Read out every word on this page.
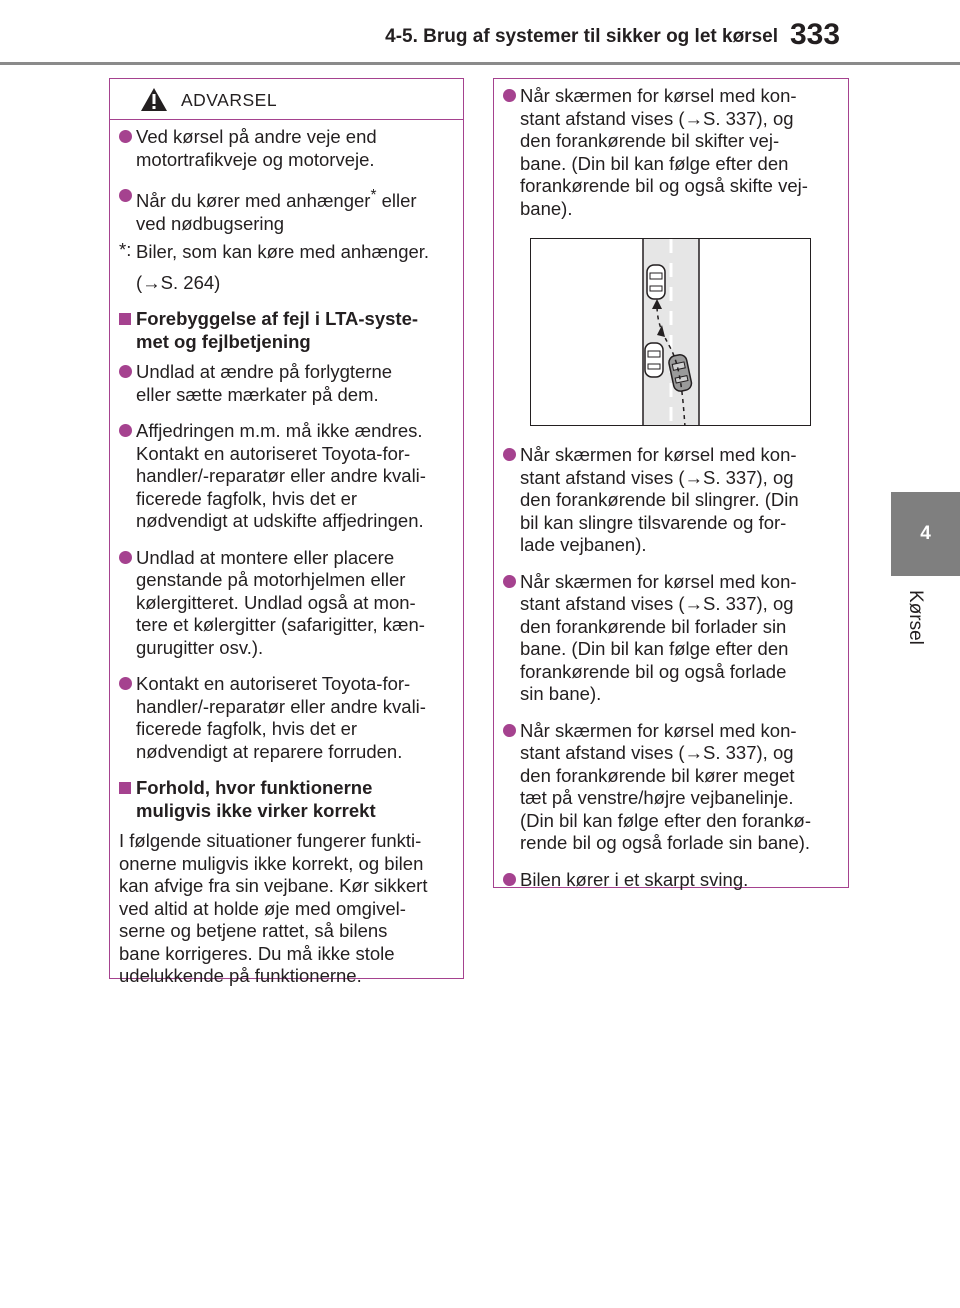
4-5. Brug af systemer til sikker og let kørsel 333
4
Kørsel
ADVARSEL
Ved kørsel på andre veje end
motortrafikveje og motorveje.
Når du kører med anhænger* eller
ved nødbugsering
*: Biler, som kan køre med anhænger.
(→S. 264)
Forebyggelse af fejl i LTA-syste-
met og fejlbetjening
Undlad at ændre på forlygterne
eller sætte mærkater på dem.
Affjedringen m.m. må ikke ændres.
Kontakt en autoriseret Toyota-for-
handler/-reparatør eller andre kvali-
ficerede fagfolk, hvis det er
nødvendigt at udskifte affjedringen.
Undlad at montere eller placere
genstande på motorhjelmen eller
kølergitteret. Undlad også at mon-
tere et kølergitter (safarigitter, kæn-
gurugitter osv.).
Kontakt en autoriseret Toyota-for-
handler/-reparatør eller andre kvali-
ficerede fagfolk, hvis det er
nødvendigt at reparere forruden.
Forhold, hvor funktionerne
muligvis ikke virker korrekt
I følgende situationer fungerer funkti-
onerne muligvis ikke korrekt, og bilen
kan afvige fra sin vejbane. Kør sikkert
ved altid at holde øje med omgivel-
serne og betjene rattet, så bilens
bane korrigeres. Du må ikke stole
udelukkende på funktionerne.
Når skærmen for kørsel med kon-
stant afstand vises (→S. 337), og
den forankørende bil skifter vej-
bane. (Din bil kan følge efter den
forankørende bil og også skifte vej-
bane).
Når skærmen for kørsel med kon-
stant afstand vises (→S. 337), og
den forankørende bil slingrer. (Din
bil kan slingre tilsvarende og for-
lade vejbanen).
Når skærmen for kørsel med kon-
stant afstand vises (→S. 337), og
den forankørende bil forlader sin
bane. (Din bil kan følge efter den
forankørende bil og også forlade
sin bane).
Når skærmen for kørsel med kon-
stant afstand vises (→S. 337), og
den forankørende bil kører meget
tæt på venstre/højre vejbanelinje.
(Din bil kan følge efter den forankø-
rende bil og også forlade sin bane).
Bilen kører i et skarpt sving.
